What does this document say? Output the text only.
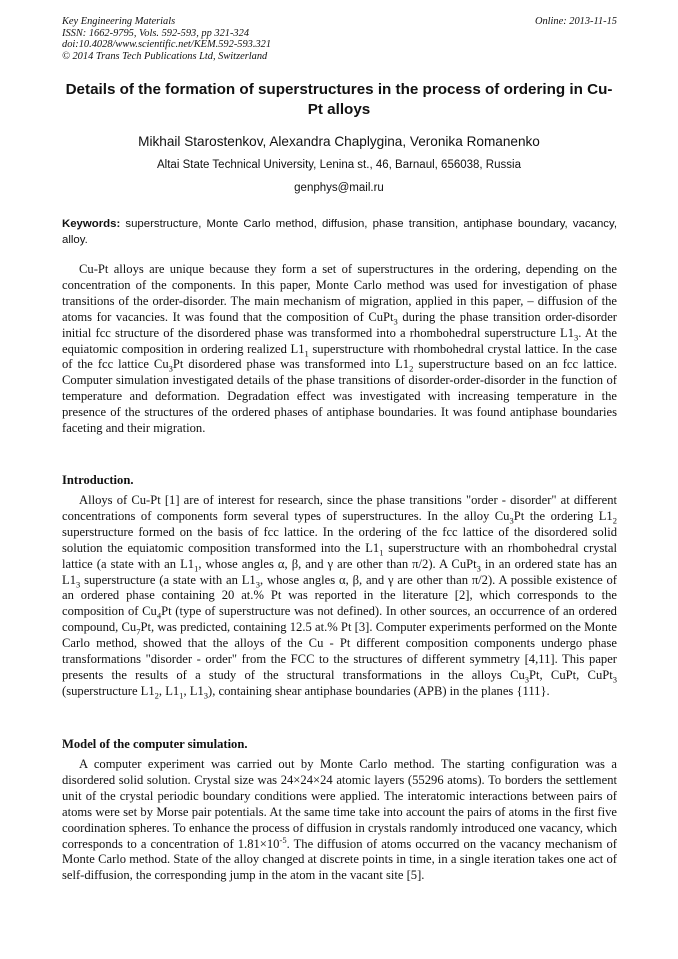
Key Engineering Materials
ISSN: 1662-9795, Vols. 592-593, pp 321-324
doi:10.4028/www.scientific.net/KEM.592-593.321
© 2014 Trans Tech Publications Ltd, Switzerland
Online: 2013-11-15
Details of the formation of superstructures in the process of ordering in Cu-Pt alloys
Mikhail Starostenkov, Alexandra Chaplygina, Veronika Romanenko
Altai State Technical University, Lenina st., 46, Barnaul, 656038, Russia
genphys@mail.ru
Keywords: superstructure, Monte Carlo method, diffusion, phase transition, antiphase boundary, vacancy, alloy.

Cu-Pt alloys are unique because they form a set of superstructures in the ordering, depending on the concentration of the components. In this paper, Monte Carlo method was used for investigation of phase transitions of the order-disorder. The main mechanism of migration, applied in this paper, – diffusion of the atoms for vacancies. It was found that the composition of CuPt$_3$ during the phase transition order-disorder initial fcc structure of the disordered phase was transformed into a rhombohedral superstructure $L1_3$. At the equiatomic composition in ordering realized $L1_1$ superstructure with rhombohedral crystal lattice. In the case of the fcc lattice $Cu_3Pt$ disordered phase was transformed into $L1_2$ superstructure based on an fcc lattice. Computer simulation investigated details of the phase transitions of disorder-order-disorder in the function of temperature and deformation. Degradation effect was investigated with increasing temperature in the presence of the structures of the ordered phases of antiphase boundaries. It was found antiphase boundaries faceting and their migration.

Introduction.

Alloys of Cu-Pt [1] are of interest for research, since the phase transitions "order - disorder" at different concentrations of components form several types of superstructures. In the alloy $Cu_3Pt$ the ordering $L1_2$ superstructure formed on the basis of fcc lattice. In the ordering of the fcc lattice of the disordered solid solution the equiatomic composition transformed into the $L1_1$ superstructure with an rhombohedral crystal lattice (a state with an $L1_1$, whose angles α, β, and γ are other than π/2). A CuPt$_3$ in an ordered state has an $L1_3$ superstructure (a state with an $L1_3$, whose angles α, β, and γ are other than π/2). A possible existence of an ordered phase containing 20 at.% Pt was reported in the literature [2], which corresponds to the composition of $Cu_4Pt$ (type of superstructure was not defined). In other sources, an occurrence of an ordered compound, $Cu_7Pt$, was predicted, containing 12.5 at.% Pt [3]. Computer experiments performed on the Monte Carlo method, showed that the alloys of the Cu - Pt different composition components undergo phase transformations "disorder - order" from the FCC to the structures of different symmetry [4,11]. This paper presents the results of a study of the structural transformations in the alloys $Cu_3Pt$, CuPt, CuPt$_3$ (superstructure $L1_2$, $L1_1$, $L1_3$), containing shear antiphase boundaries (APB) in the planes {111}.

Model of the computer simulation.

A computer experiment was carried out by Monte Carlo method. The starting configuration was a disordered solid solution. Crystal size was 24×24×24 atomic layers (55296 atoms). To borders the settlement unit of the crystal periodic boundary conditions were applied. The interatomic interactions between pairs of atoms were set by Morse pair potentials. At the same time take into account the pairs of atoms in the first five coordination spheres. To enhance the process of diffusion in crystals randomly introduced one vacancy, which corresponds to a concentration of $1.81\times 10^{-5}$. The diffusion of atoms occurred on the vacancy mechanism of Monte Carlo method. State of the alloy changed at discrete points in time, in a single iteration takes one act of self-diffusion, the corresponding jump in the atom in the vacant site [5].
